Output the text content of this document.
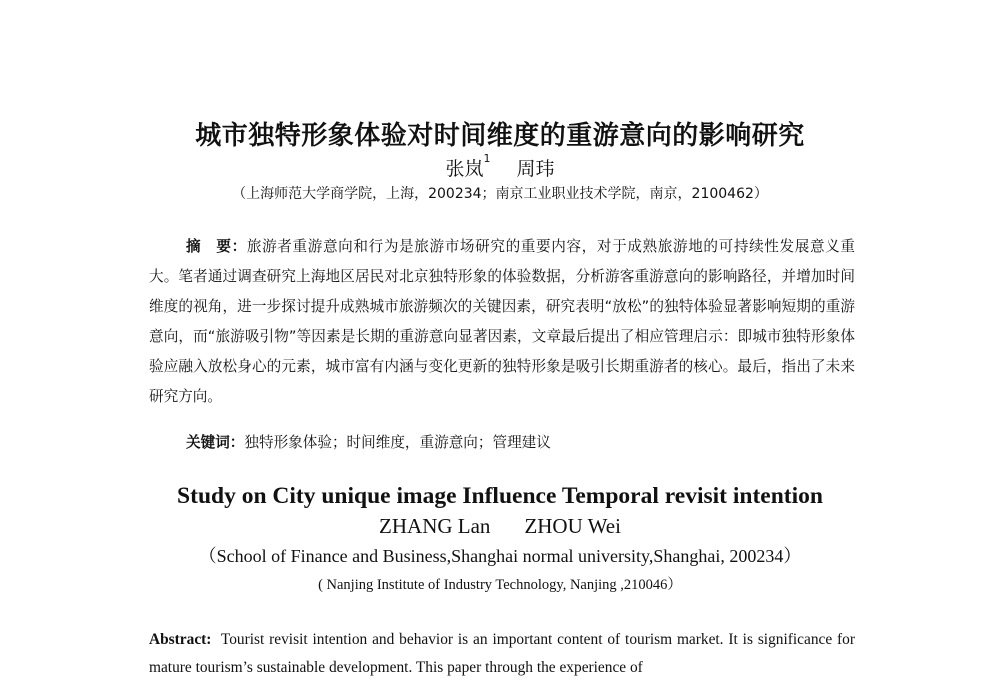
城市独特形象体验对时间维度的重游意向的影响研究
张岚$^1$ 周玮
（上海师范大学商学院，上海，200234；南京工业职业技术学院，南京，2100462）

摘　要：旅游者重游意向和行为是旅游市场研究的重要内容，对于成熟旅游地的可持续性发展意义重大。笔者通过调查研究上海地区居民对北京独特形象的体验数据，分析游客重游意向的影响路径，并增加时间维度的视角，进一步探讨提升成熟城市旅游频次的关键因素，研究表明“放松”的独特体验显著影响短期的重游意向，而“旅游吸引物”等因素是长期的重游意向显著因素，文章最后提出了相应管理启示：即城市独特形象体验应融入放松身心的元素，城市富有内涵与变化更新的独特形象是吸引长期重游者的核心。最后，指出了未来研究方向。

关键词：独特形象体验；时间维度，重游意向；管理建议

Study on City unique image Influence Temporal revisit intention
ZHANG Lan ZHOU Wei
（School of Finance and Business,Shanghai normal university,Shanghai, 200234）
( Nanjing Institute of Industry Technology, Nanjing ,210046）

Abstract: Tourist revisit intention and behavior is an important content of tourism market. It is significance for mature tourism’s sustainable development. This paper through the experience of
